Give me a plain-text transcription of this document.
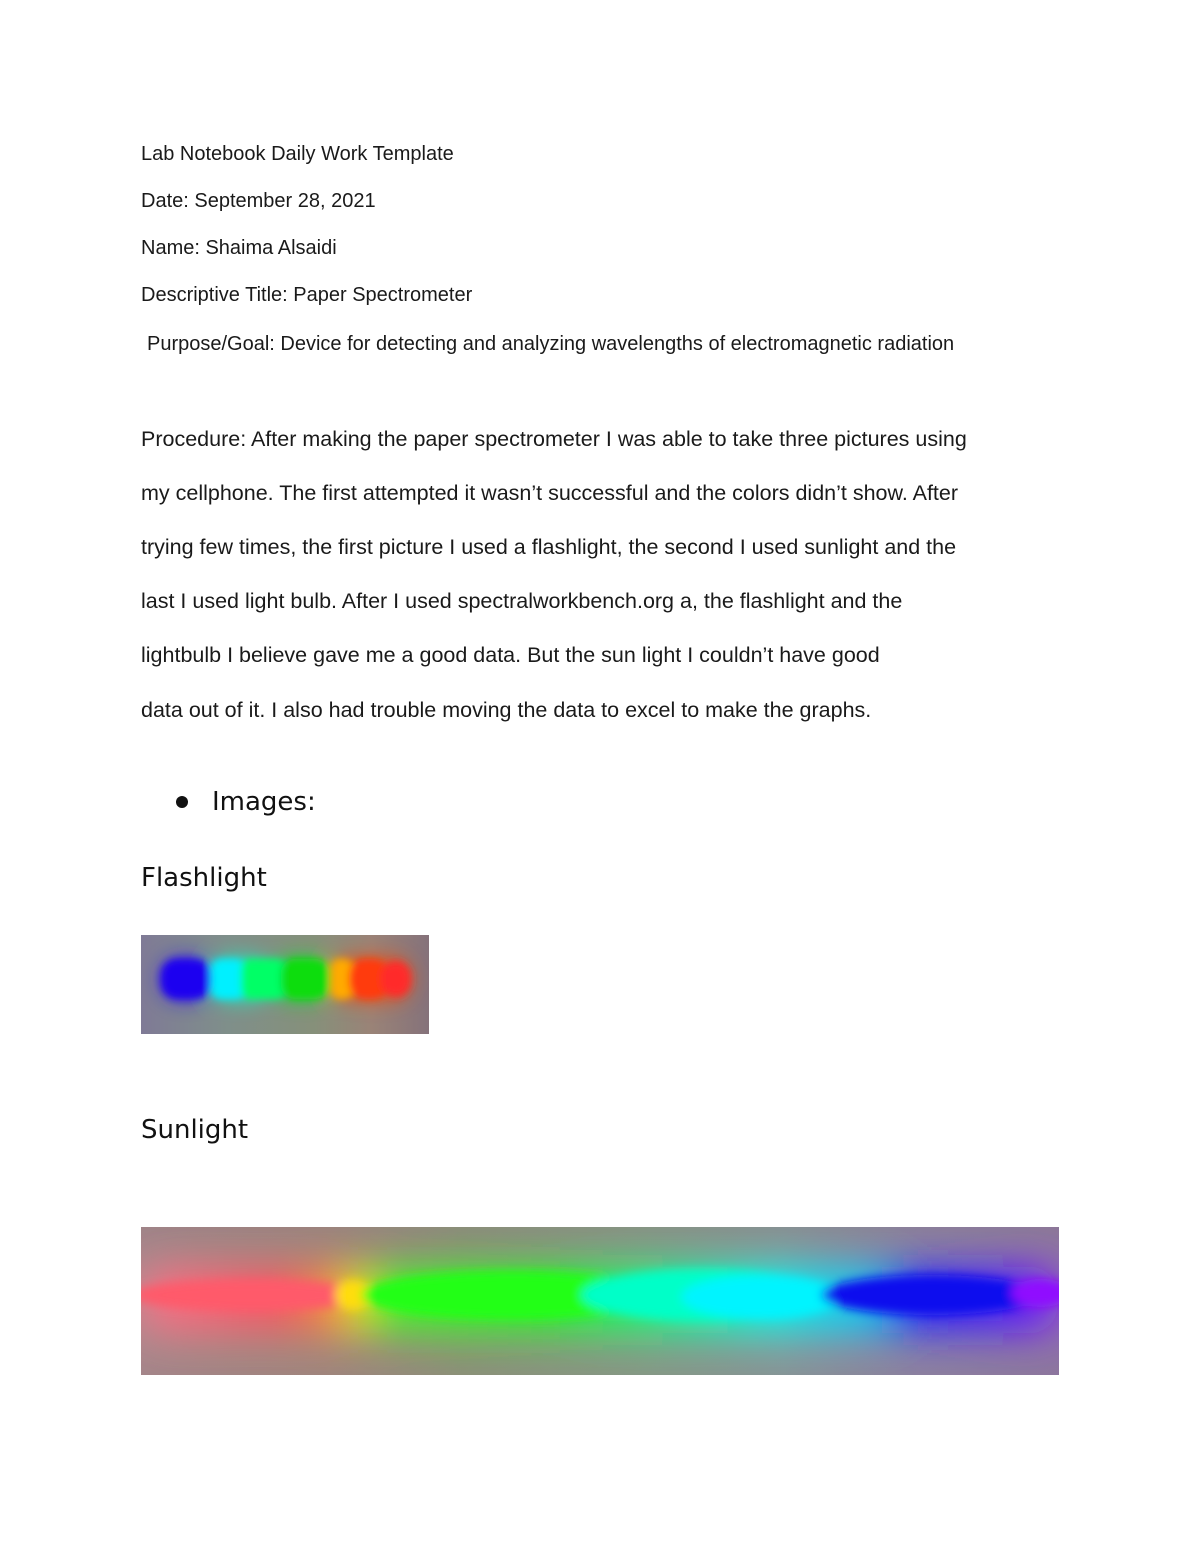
Lab Notebook Daily Work Template

Date: September 28, 2021

Name: Shaima Alsaidi

Descriptive Title: Paper Spectrometer

Purpose/Goal: Device for detecting and analyzing wavelengths of electromagnetic radiation

Procedure: After making the paper spectrometer I was able to take three pictures using

my cellphone. The first attempted it wasn’t successful and the colors didn’t show. After

trying few times, the first picture I used a flashlight, the second I used sunlight and the

last I used light bulb. After I used spectralworkbench.org a, the flashlight and the

lightbulb I believe gave me a good data. But the sun light I couldn’t have good

data out of it. I also had trouble moving the data to excel to make the graphs.

Images:

Flashlight

Sunlight
